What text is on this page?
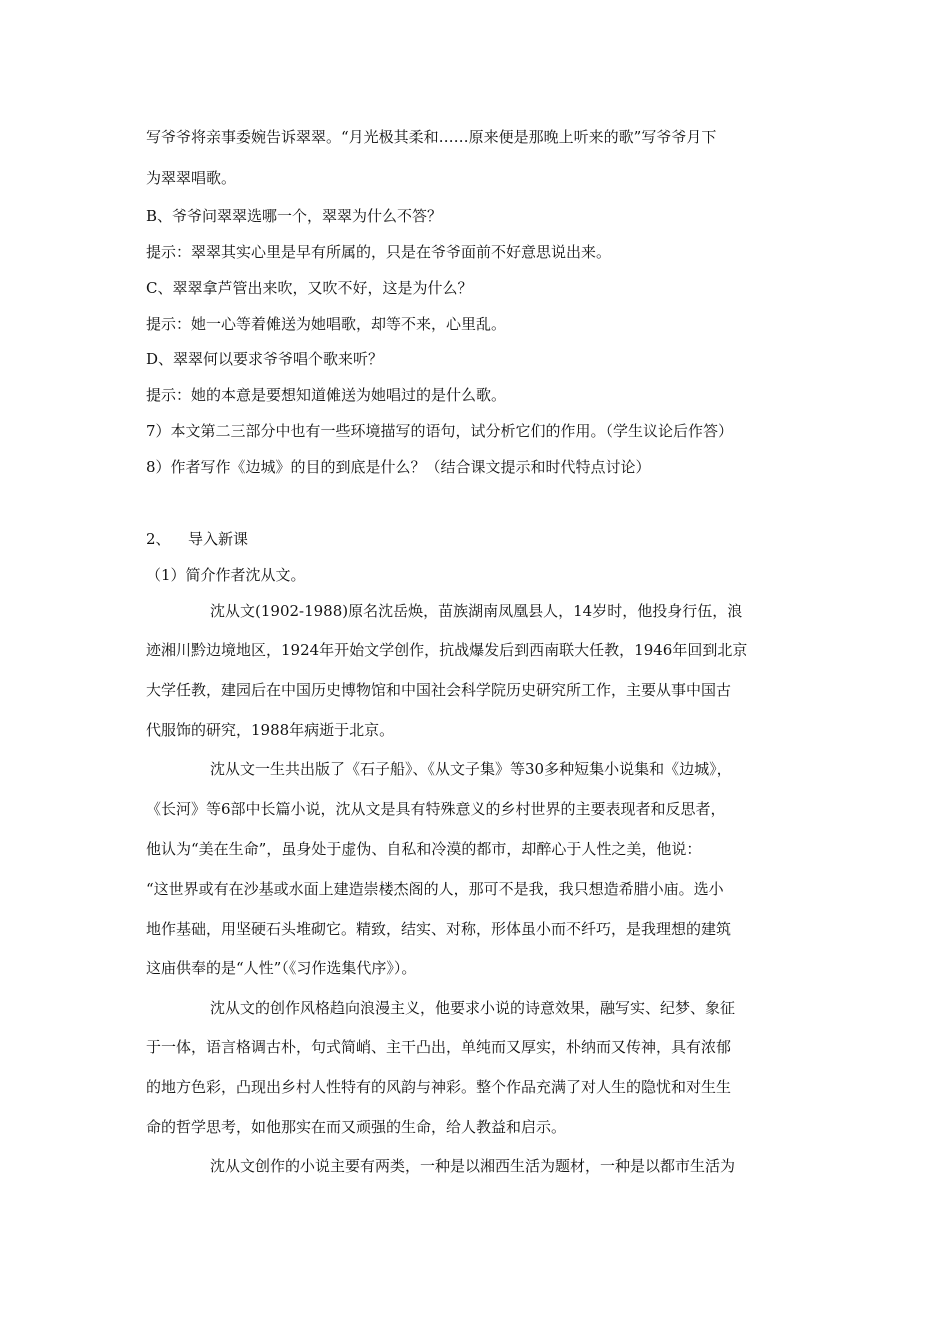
写爷爷将亲事委婉告诉翠翠。“月光极其柔和……原来便是那晚上听来的歌”写爷爷月下
为翠翠唱歌。
B、爷爷问翠翠选哪一个，翠翠为什么不答？
提示：翠翠其实心里是早有所属的，只是在爷爷面前不好意思说出来。
C、翠翠拿芦管出来吹，又吹不好，这是为什么？
提示：她一心等着傩送为她唱歌，却等不来，心里乱。
D、翠翠何以要求爷爷唱个歌来听？
提示：她的本意是要想知道傩送为她唱过的是什么歌。
7）本文第二三部分中也有一些环境描写的语句，试分析它们的作用。（学生议论后作答）
8）作者写作《边城》的目的到底是什么？（结合课文提示和时代特点讨论）
2、 导入新课
（1）简介作者沈从文。
沈从文(1902-1988)原名沈岳焕，苗族湖南凤凰县人，14岁时，他投身行伍，浪
迹湘川黔边境地区，1924年开始文学创作，抗战爆发后到西南联大任教，1946年回到北京
大学任教，建园后在中国历史博物馆和中国社会科学院历史研究所工作，主要从事中国古
代服饰的研究，1988年病逝于北京。
沈从文一生共出版了《石子船》、《从文子集》等30多种短集小说集和《边城》，
《长河》等6部中长篇小说，沈从文是具有特殊意义的乡村世界的主要表现者和反思者，
他认为“美在生命”，虽身处于虚伪、自私和冷漠的都市，却醉心于人性之美，他说：
“这世界或有在沙基或水面上建造崇楼杰阁的人，那可不是我，我只想造希腊小庙。选小
地作基础，用坚硬石头堆砌它。精致，结实、对称，形体虽小而不纤巧，是我理想的建筑
这庙供奉的是“人性”（《习作选集代序》）。
沈从文的创作风格趋向浪漫主义，他要求小说的诗意效果，融写实、纪梦、象征
于一体，语言格调古朴，句式简峭、主干凸出，单纯而又厚实，朴纳而又传神，具有浓郁
的地方色彩，凸现出乡村人性特有的风韵与神彩。整个作品充满了对人生的隐忧和对生生
命的哲学思考，如他那实在而又顽强的生命，给人教益和启示。
沈从文创作的小说主要有两类，一种是以湘西生活为题材，一种是以都市生活为
